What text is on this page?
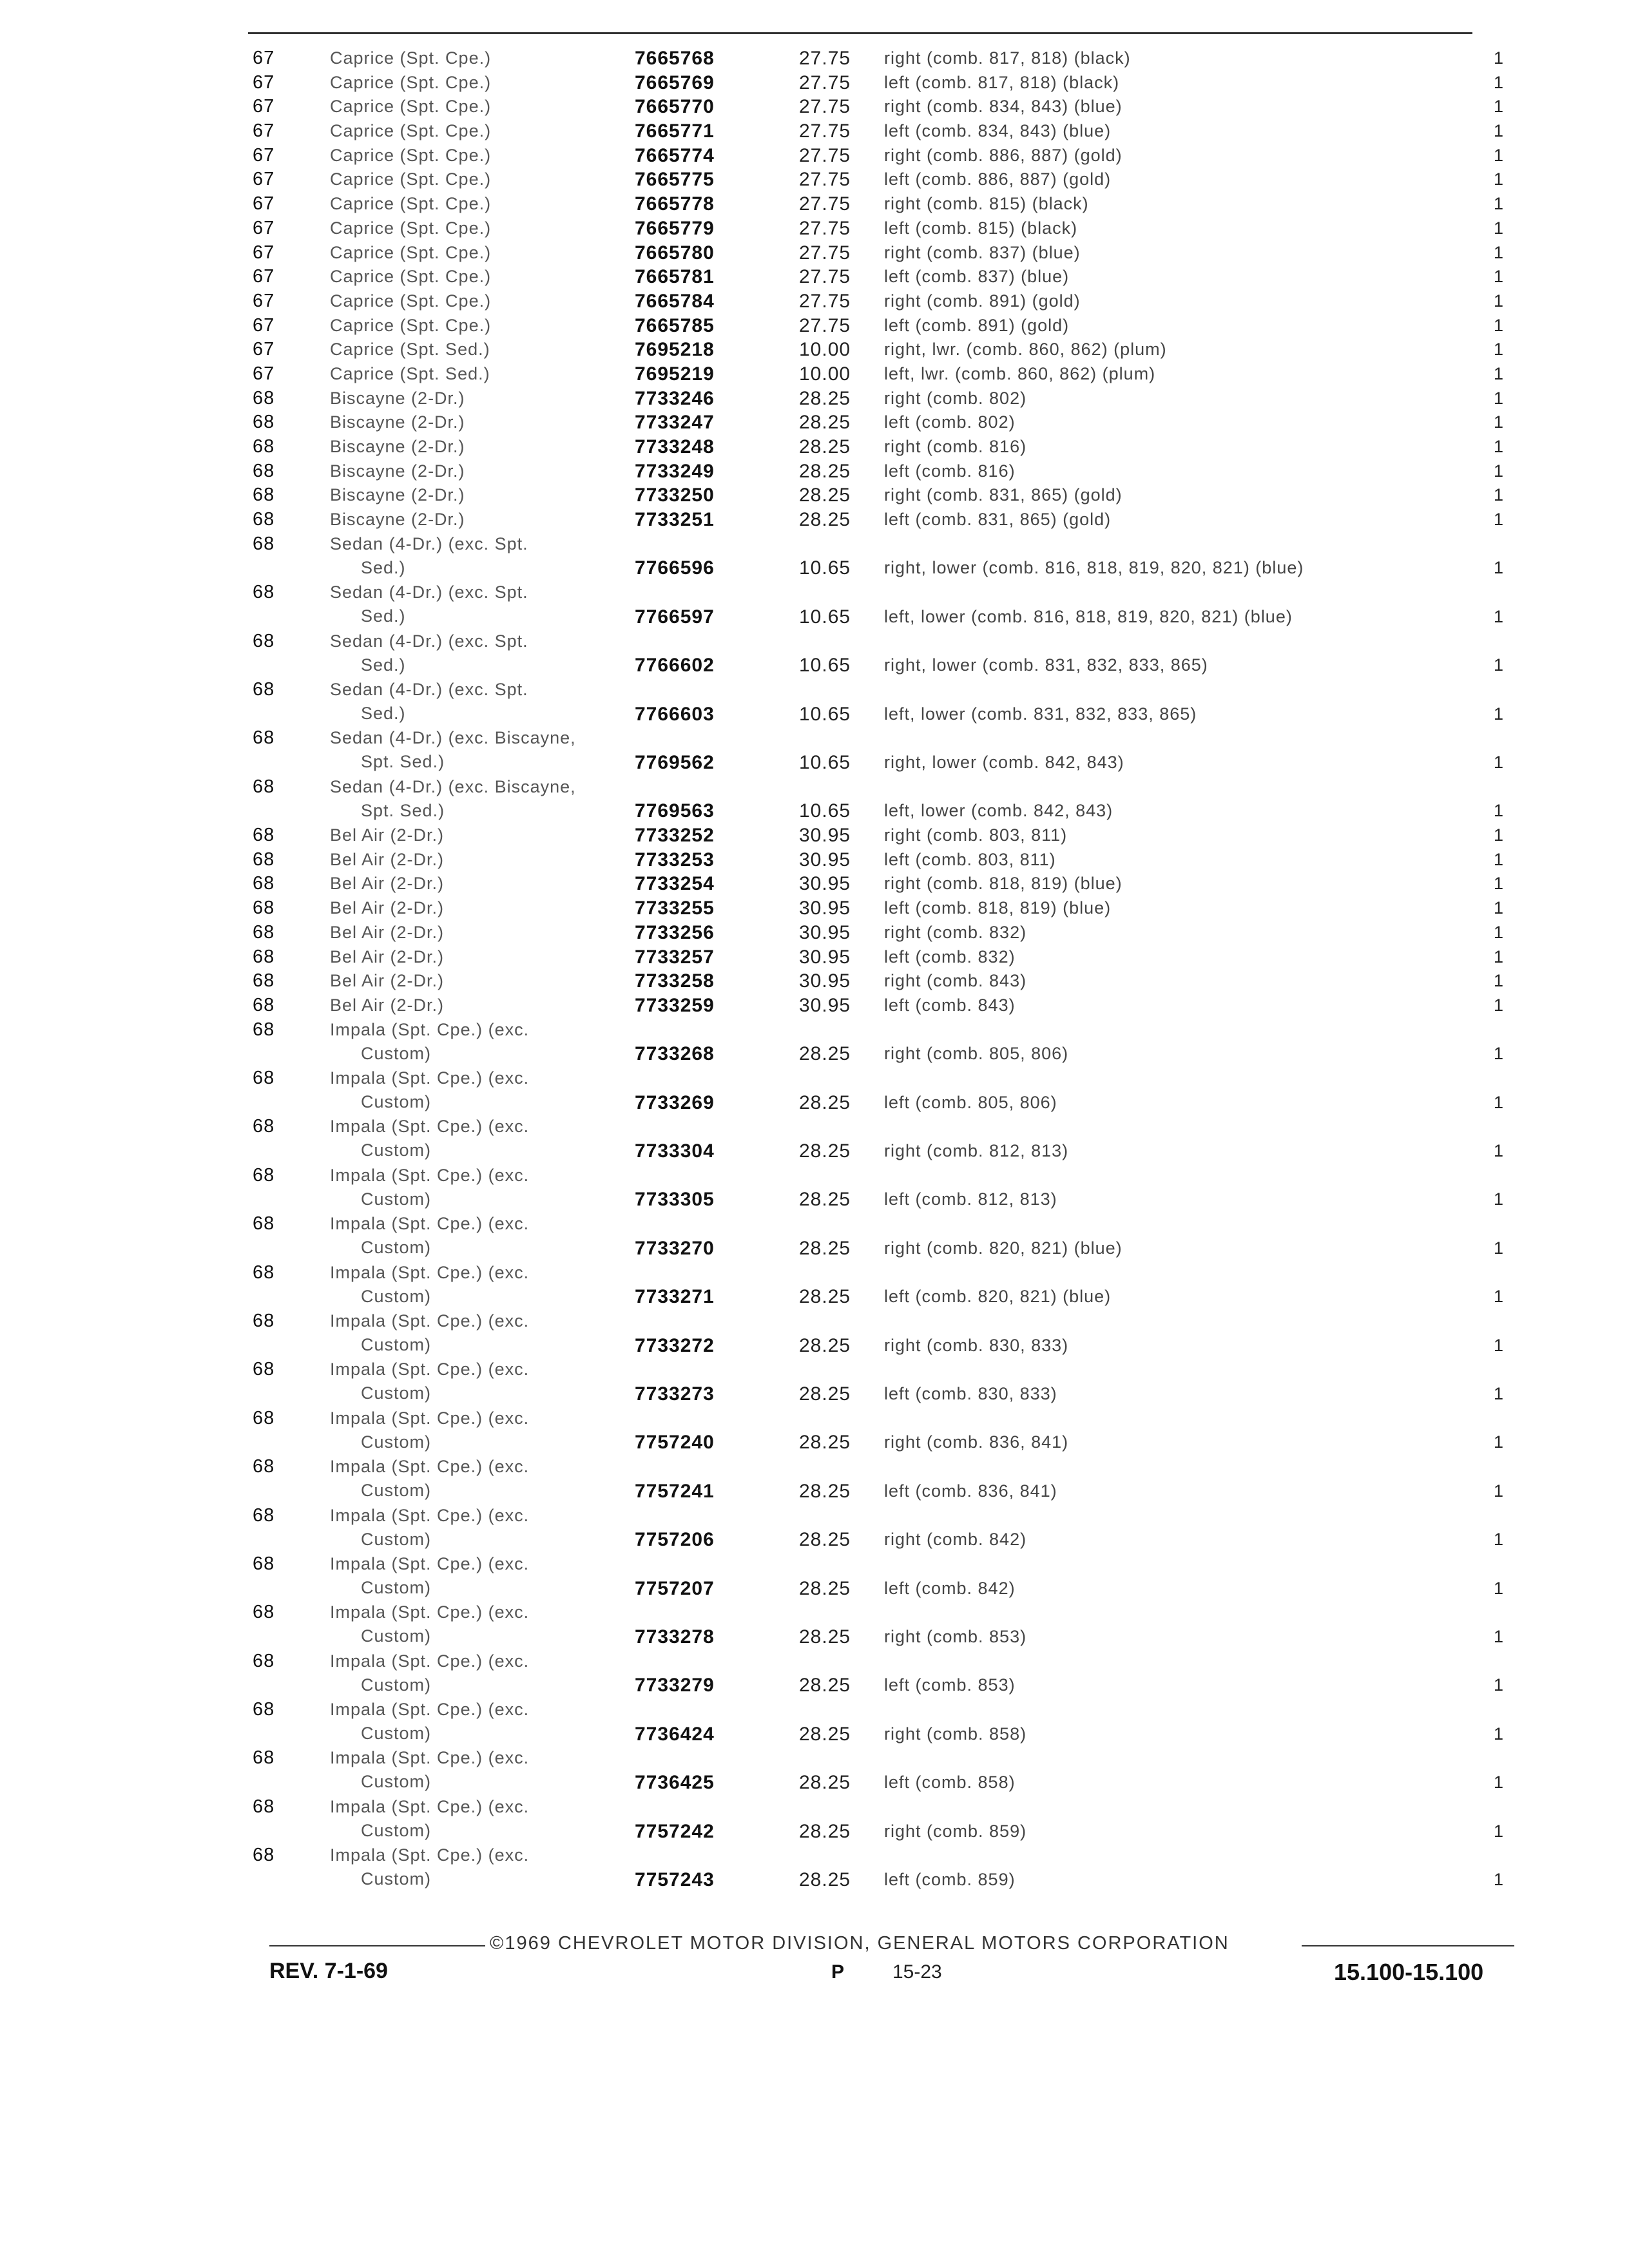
67	Caprice (Spt. Cpe.)	7665768	27.75	right (comb. 817, 818) (black)	1
67	Caprice (Spt. Cpe.)	7665769	27.75	left (comb. 817, 818) (black)	1
67	Caprice (Spt. Cpe.)	7665770	27.75	right (comb. 834, 843) (blue)	1
67	Caprice (Spt. Cpe.)	7665771	27.75	left (comb. 834, 843) (blue)	1
67	Caprice (Spt. Cpe.)	7665774	27.75	right (comb. 886, 887) (gold)	1
67	Caprice (Spt. Cpe.)	7665775	27.75	left (comb. 886, 887) (gold)	1
67	Caprice (Spt. Cpe.)	7665778	27.75	right (comb. 815) (black)	1
67	Caprice (Spt. Cpe.)	7665779	27.75	left (comb. 815) (black)	1
67	Caprice (Spt. Cpe.)	7665780	27.75	right (comb. 837) (blue)	1
67	Caprice (Spt. Cpe.)	7665781	27.75	left (comb. 837) (blue)	1
67	Caprice (Spt. Cpe.)	7665784	27.75	right (comb. 891) (gold)	1
67	Caprice (Spt. Cpe.)	7665785	27.75	left (comb. 891) (gold)	1
67	Caprice (Spt. Sed.)	7695218	10.00	right, lwr. (comb. 860, 862) (plum)	1
67	Caprice (Spt. Sed.)	7695219	10.00	left, lwr. (comb. 860, 862) (plum)	1
68	Biscayne (2-Dr.)	7733246	28.25	right (comb. 802)	1
68	Biscayne (2-Dr.)	7733247	28.25	left (comb. 802)	1
68	Biscayne (2-Dr.)	7733248	28.25	right (comb. 816)	1
68	Biscayne (2-Dr.)	7733249	28.25	left (comb. 816)	1
68	Biscayne (2-Dr.)	7733250	28.25	right (comb. 831, 865) (gold)	1
68	Biscayne (2-Dr.)	7733251	28.25	left (comb. 831, 865) (gold)	1
68	Sedan (4-Dr.) (exc. Spt.
Sed.)	7766596	10.65	right, lower (comb. 816, 818, 819, 820, 821) (blue)	1
68	Sedan (4-Dr.) (exc. Spt.
Sed.)	7766597	10.65	left, lower (comb. 816, 818, 819, 820, 821) (blue)	1
68	Sedan (4-Dr.) (exc. Spt.
Sed.)	7766602	10.65	right, lower (comb. 831, 832, 833, 865)	1
68	Sedan (4-Dr.) (exc. Spt.
Sed.)	7766603	10.65	left, lower (comb. 831, 832, 833, 865)	1
68	Sedan (4-Dr.) (exc. Biscayne,
Spt. Sed.)	7769562	10.65	right, lower (comb. 842, 843)	1
68	Sedan (4-Dr.) (exc. Biscayne,
Spt. Sed.)	7769563	10.65	left, lower (comb. 842, 843)	1
68	Bel Air (2-Dr.)	7733252	30.95	right (comb. 803, 811)	1
68	Bel Air (2-Dr.)	7733253	30.95	left (comb. 803, 811)	1
68	Bel Air (2-Dr.)	7733254	30.95	right (comb. 818, 819) (blue)	1
68	Bel Air (2-Dr.)	7733255	30.95	left (comb. 818, 819) (blue)	1
68	Bel Air (2-Dr.)	7733256	30.95	right (comb. 832)	1
68	Bel Air (2-Dr.)	7733257	30.95	left (comb. 832)	1
68	Bel Air (2-Dr.)	7733258	30.95	right (comb. 843)	1
68	Bel Air (2-Dr.)	7733259	30.95	left (comb. 843)	1
68	Impala (Spt. Cpe.) (exc.
Custom)	7733268	28.25	right (comb. 805, 806)	1
68	Impala (Spt. Cpe.) (exc.
Custom)	7733269	28.25	left (comb. 805, 806)	1
68	Impala (Spt. Cpe.) (exc.
Custom)	7733304	28.25	right (comb. 812, 813)	1
68	Impala (Spt. Cpe.) (exc.
Custom)	7733305	28.25	left (comb. 812, 813)	1
68	Impala (Spt. Cpe.) (exc.
Custom)	7733270	28.25	right (comb. 820, 821) (blue)	1
68	Impala (Spt. Cpe.) (exc.
Custom)	7733271	28.25	left (comb. 820, 821) (blue)	1
68	Impala (Spt. Cpe.) (exc.
Custom)	7733272	28.25	right (comb. 830, 833)	1
68	Impala (Spt. Cpe.) (exc.
Custom)	7733273	28.25	left (comb. 830, 833)	1
68	Impala (Spt. Cpe.) (exc.
Custom)	7757240	28.25	right (comb. 836, 841)	1
68	Impala (Spt. Cpe.) (exc.
Custom)	7757241	28.25	left (comb. 836, 841)	1
68	Impala (Spt. Cpe.) (exc.
Custom)	7757206	28.25	right (comb. 842)	1
68	Impala (Spt. Cpe.) (exc.
Custom)	7757207	28.25	left (comb. 842)	1
68	Impala (Spt. Cpe.) (exc.
Custom)	7733278	28.25	right (comb. 853)	1
68	Impala (Spt. Cpe.) (exc.
Custom)	7733279	28.25	left (comb. 853)	1
68	Impala (Spt. Cpe.) (exc.
Custom)	7736424	28.25	right (comb. 858)	1
68	Impala (Spt. Cpe.) (exc.
Custom)	7736425	28.25	left (comb. 858)	1
68	Impala (Spt. Cpe.) (exc.
Custom)	7757242	28.25	right (comb. 859)	1
68	Impala (Spt. Cpe.) (exc.
Custom)	7757243	28.25	left (comb. 859)	1
©1969 CHEVROLET MOTOR DIVISION, GENERAL MOTORS CORPORATION
REV. 7-1-69	P 15-23	15.100-15.100
